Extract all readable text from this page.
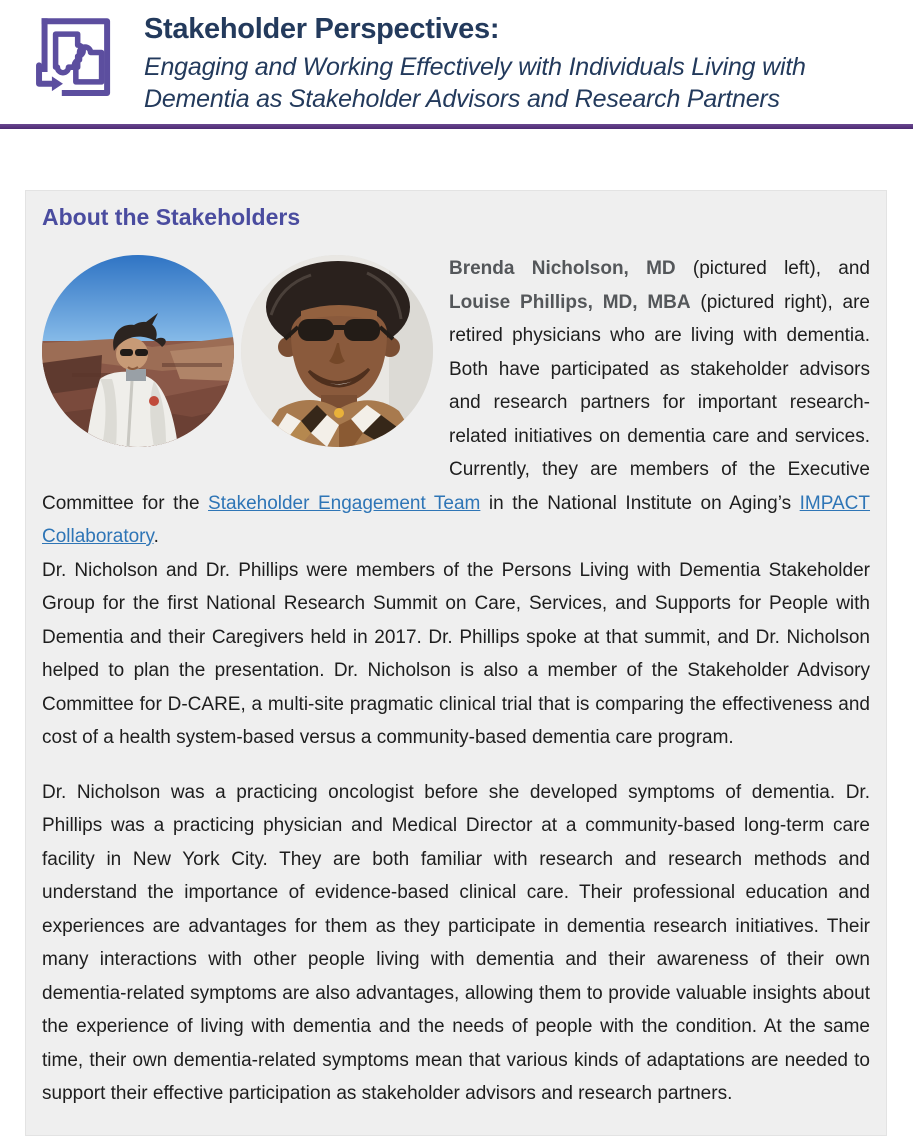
Stakeholder Perspectives:

Engaging and Working Effectively with Individuals Living with Dementia as Stakeholder Advisors and Research Partners

About the Stakeholders

Brenda Nicholson, MD (pictured left), and Louise Phillips, MD, MBA (pictured right), are retired physicians who are living with dementia. Both have participated as stakeholder advisors and research partners for important research-related initiatives on dementia care and services. Currently, they are members of the Executive Committee for the Stakeholder Engagement Team in the National Institute on Aging’s IMPACT Collaboratory.

Dr. Nicholson and Dr. Phillips were members of the Persons Living with Dementia Stakeholder Group for the first National Research Summit on Care, Services, and Supports for People with Dementia and their Caregivers held in 2017. Dr. Phillips spoke at that summit, and Dr. Nicholson helped to plan the presentation. Dr. Nicholson is also a member of the Stakeholder Advisory Committee for D-CARE, a multi-site pragmatic clinical trial that is comparing the effectiveness and cost of a health system-based versus a community-based dementia care program.

Dr. Nicholson was a practicing oncologist before she developed symptoms of dementia. Dr. Phillips was a practicing physician and Medical Director at a community-based long-term care facility in New York City. They are both familiar with research and research methods and understand the importance of evidence-based clinical care. Their professional education and experiences are advantages for them as they participate in dementia research initiatives. Their many interactions with other people living with dementia and their awareness of their own dementia-related symptoms are also advantages, allowing them to provide valuable insights about the experience of living with dementia and the needs of people with the condition. At the same time, their own dementia-related symptoms mean that various kinds of adaptations are needed to support their effective participation as stakeholder advisors and research partners.
